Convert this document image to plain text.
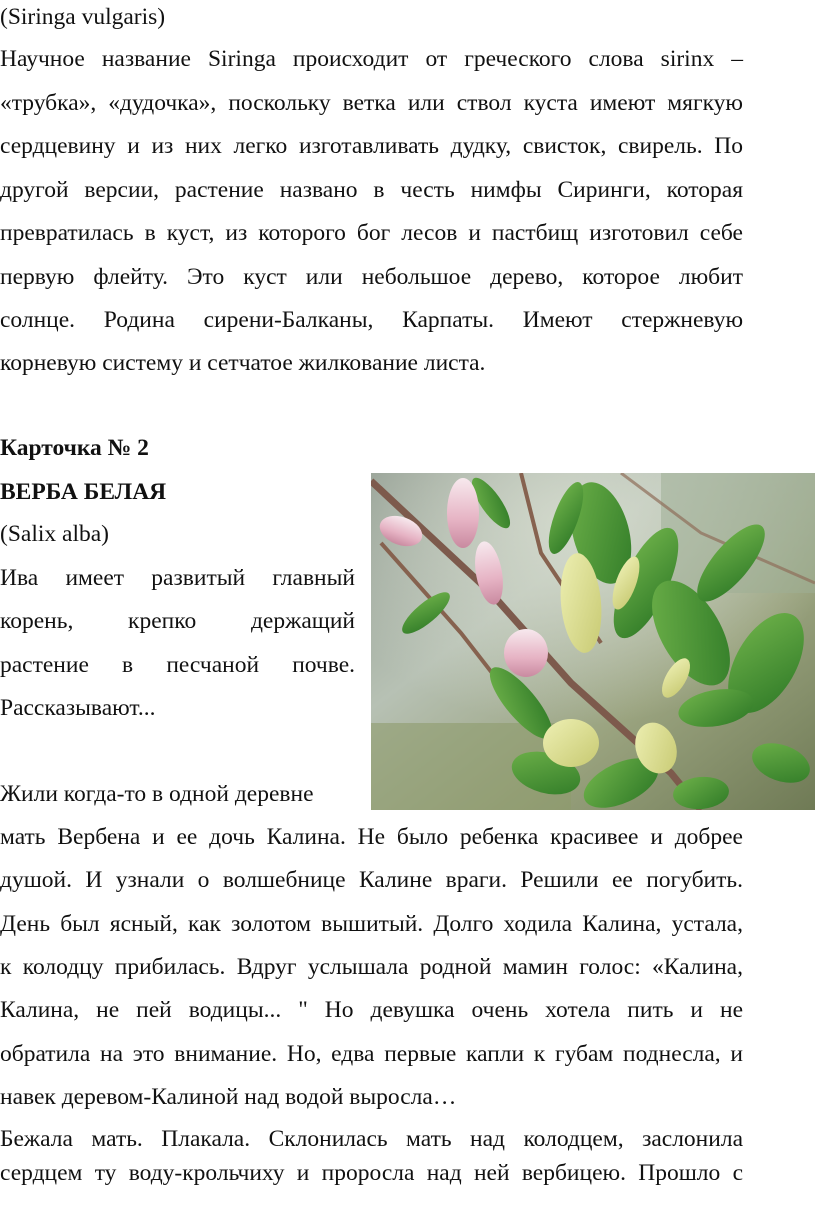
(Siringa vulgaris)
Научное название Siringa происходит от греческого слова sirinx –
«трубка», «дудочка», поскольку ветка или ствол куста имеют мягкую
сердцевину и из них легко изготавливать дудку, свисток, свирель. По
другой версии, растение названо в честь нимфы Сиринги, которая
превратилась в куст, из которого бог лесов и пастбищ изготовил себе
первую флейту. Это куст или небольшое дерево, которое любит
солнце. Родина сирени-Балканы, Карпаты. Имеют стержневую
корневую систему и сетчатое жилкование листа.
Карточка № 2
ВЕРБА БЕЛАЯ
(Salix alba)
Ива имеет развитый главный
корень, крепко держащий
растение в песчаной почве.
Рассказывают...
Жили когда-то в одной деревне
мать Вербена и ее дочь Калина. Не было ребенка красивее и добрее
душой. И узнали о волшебнице Калине враги. Решили ее погубить.
День был ясный, как золотом вышитый. Долго ходила Калина, устала,
к колодцу прибилась. Вдруг услышала родной мамин голос: «Калина,
Калина, не пей водицы... " Но девушка очень хотела пить и не
обратила на это внимание. Но, едва первые капли к губам поднесла, и
навек деревом-Калиной над водой выросла…
Бежала мать. Плакала. Склонилась мать над колодцем, заслонила
сердцем ту воду-крольчиху и проросла над ней вербицею. Прошло с
